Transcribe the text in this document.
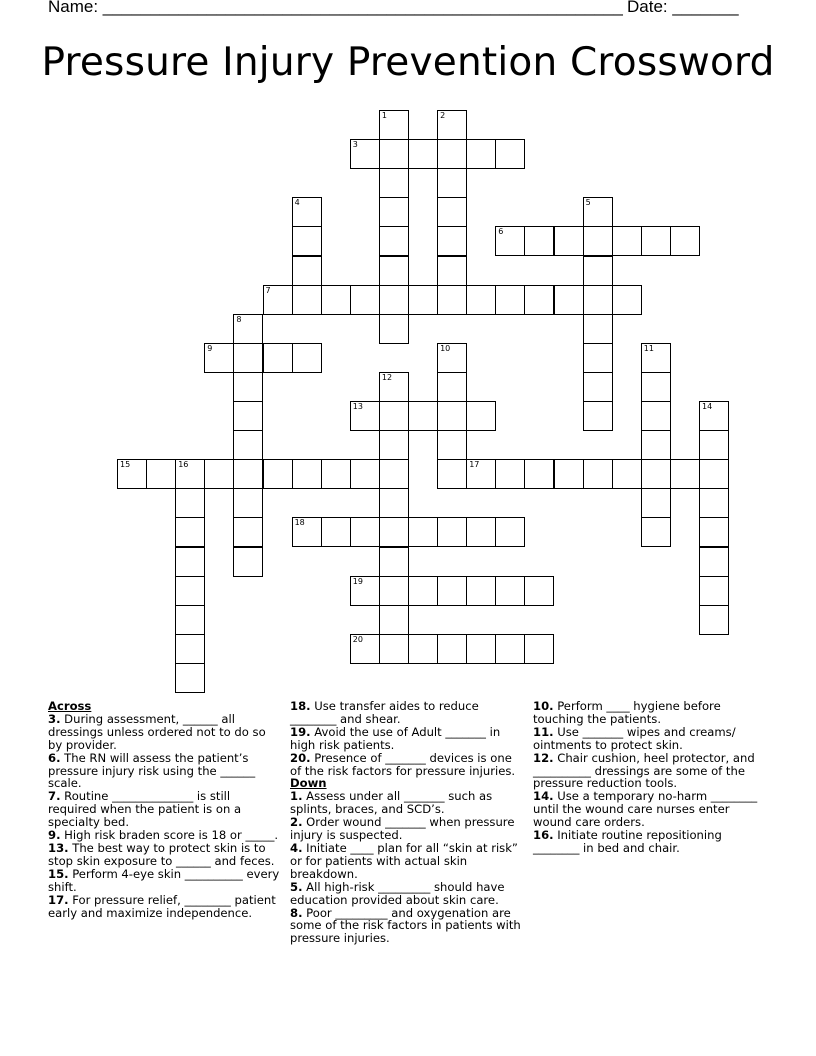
Name: _______________________________________________________ Date: _______
Pressure Injury Prevention Crossword
1	2
3
4	5
6
7
8
9	10	11
12
13	14
15	16	17
18
19
20
Across
3. During assessment, ______ all dressings unless ordered not to do so by provider.
6. The RN will assess the patient’s pressure injury risk using the ______ scale.
7. Routine ______________ is still required when the patient is on a specialty bed.
9. High risk braden score is 18 or _____.
13. The best way to protect skin is to stop skin exposure to ______ and feces.
15. Perform 4-eye skin __________ every shift.
17. For pressure relief, ________ patient early and maximize independence.
18. Use transfer aides to reduce ________ and shear.
19. Avoid the use of Adult _______ in high risk patients.
20. Presence of _______ devices is one of the risk factors for pressure injuries.
Down
1. Assess under all _______ such as splints, braces, and SCD’s.
2. Order wound _______ when pressure injury is suspected.
4. Initiate ____ plan for all “skin at risk” or for patients with actual skin breakdown.
5. All high-risk _________ should have education provided about skin care.
8. Poor _________ and oxygenation are some of the risk factors in patients with pressure injuries.
10. Perform ____ hygiene before touching the patients.
11. Use _______ wipes and creams/ ointments to protect skin.
12. Chair cushion, heel protector, and __________ dressings are some of the pressure reduction tools.
14. Use a temporary no-harm ________ until the wound care nurses enter wound care orders.
16. Initiate routine repositioning ________ in bed and chair.
